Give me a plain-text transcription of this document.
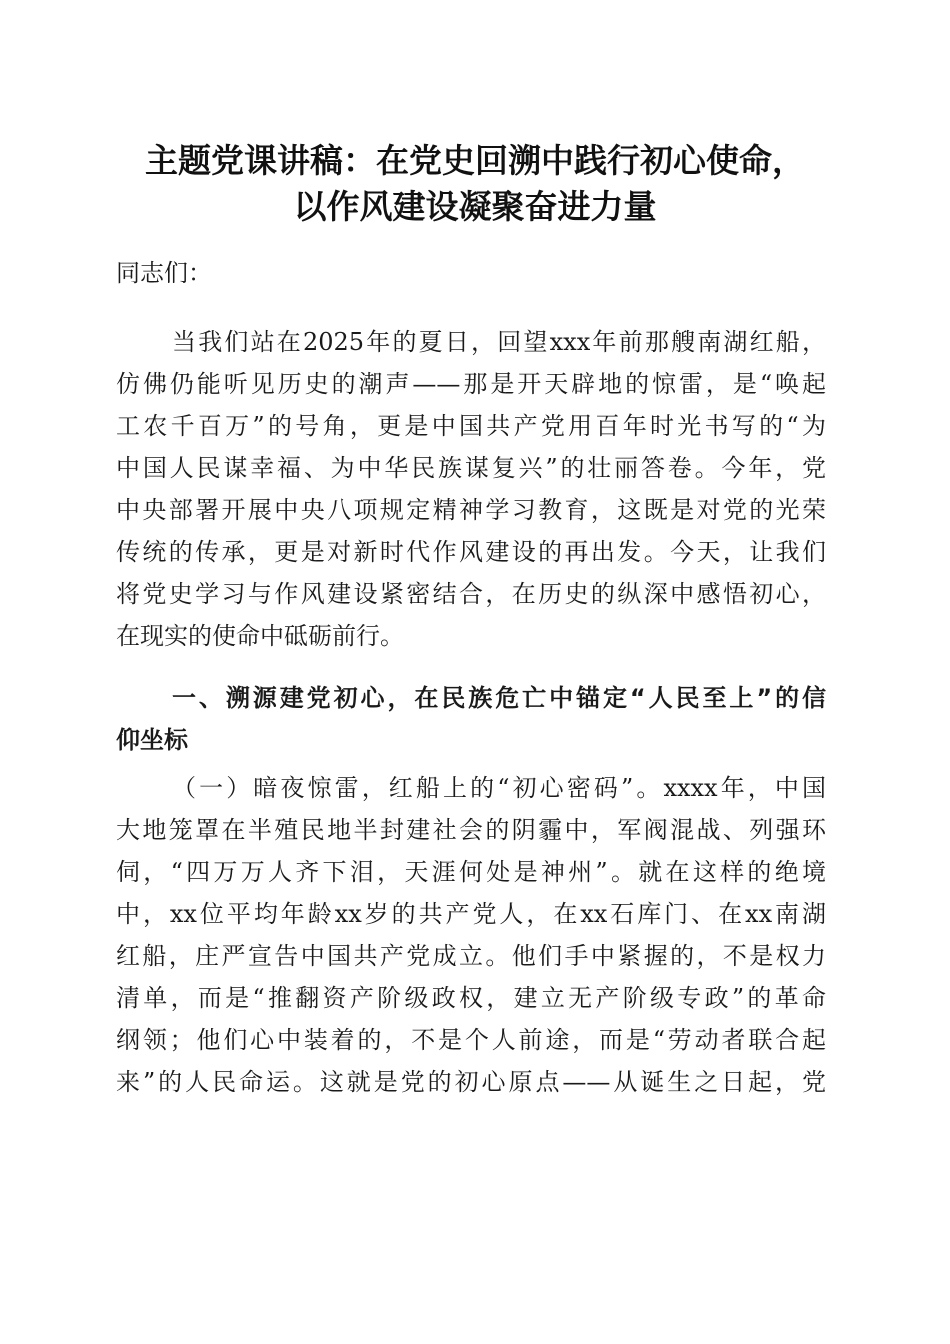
主题党课讲稿：在党史回溯中践行初心使命，
以作风建设凝聚奋进力量
同志们：
当我们站在2025年的夏日，回望xxx年前那艘南湖红船，
仿佛仍能听见历史的潮声——那是开天辟地的惊雷，是“唤起
工农千百万”的号角，更是中国共产党用百年时光书写的“为
中国人民谋幸福、为中华民族谋复兴”的壮丽答卷。今年，党
中央部署开展中央八项规定精神学习教育，这既是对党的光荣
传统的传承，更是对新时代作风建设的再出发。今天，让我们
将党史学习与作风建设紧密结合，在历史的纵深中感悟初心，
在现实的使命中砥砺前行。
一、溯源建党初心，在民族危亡中锚定“人民至上”的信
仰坐标
（一）暗夜惊雷，红船上的“初心密码”。xxxx年，中国
大地笼罩在半殖民地半封建社会的阴霾中，军阀混战、列强环
伺，“四万万人齐下泪，天涯何处是神州”。就在这样的绝境
中，xx位平均年龄xx岁的共产党人，在xx石库门、在xx南湖
红船，庄严宣告中国共产党成立。他们手中紧握的，不是权力
清单，而是“推翻资产阶级政权，建立无产阶级专政”的革命
纲领；他们心中装着的，不是个人前途，而是“劳动者联合起
来”的人民命运。这就是党的初心原点——从诞生之日起，党
